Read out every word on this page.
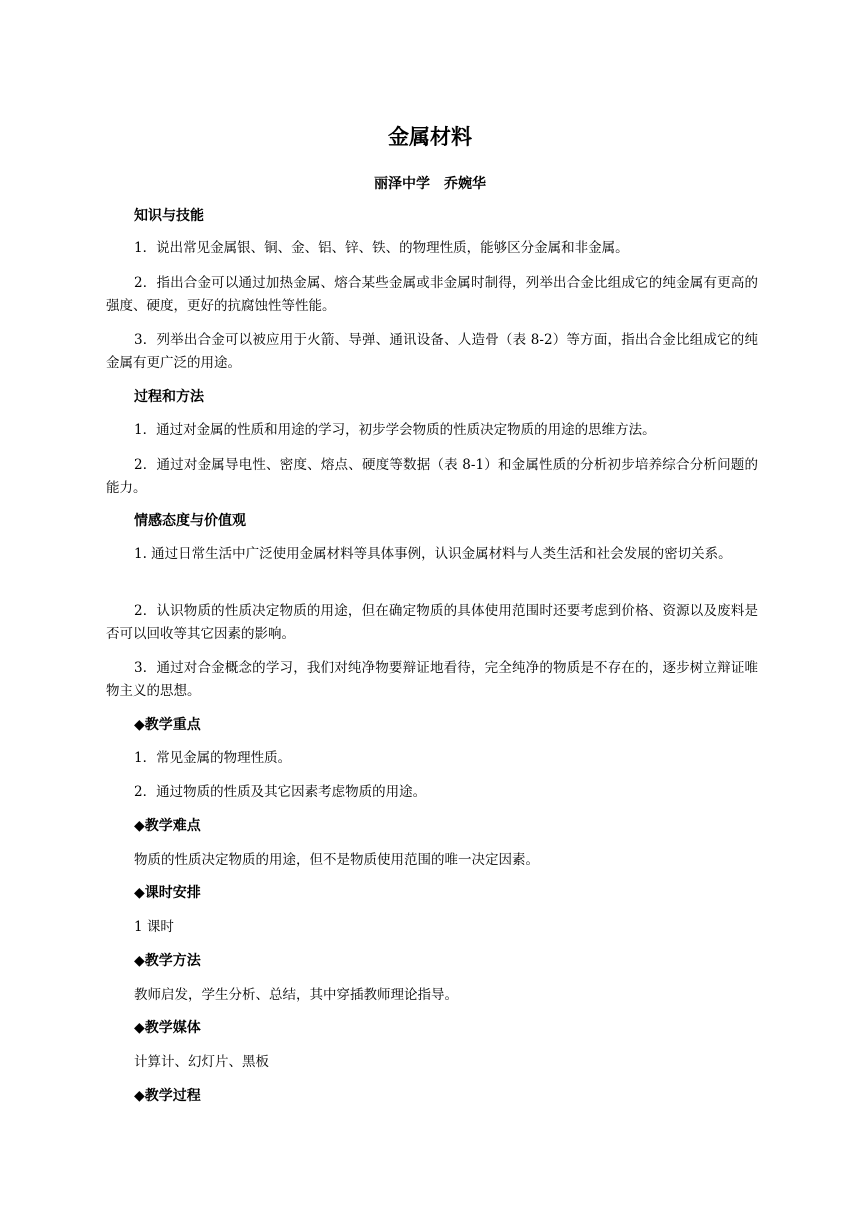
金属材料
丽泽中学　乔婉华
知识与技能
1．说出常见金属银、铜、金、铝、锌、铁、的物理性质，能够区分金属和非金属。
2．指出合金可以通过加热金属、熔合某些金属或非金属时制得，列举出合金比组成它的纯金属有更高的强度、硬度，更好的抗腐蚀性等性能。
3．列举出合金可以被应用于火箭、导弹、通讯设备、人造骨（表 8-2）等方面，指出合金比组成它的纯金属有更广泛的用途。
过程和方法
1．通过对金属的性质和用途的学习，初步学会物质的性质决定物质的用途的思维方法。
2．通过对金属导电性、密度、熔点、硬度等数据（表 8-1）和金属性质的分析初步培养综合分析问题的能力。
情感态度与价值观
1. 通过日常生活中广泛使用金属材料等具体事例，认识金属材料与人类生活和社会发展的密切关系。
2．认识物质的性质决定物质的用途，但在确定物质的具体使用范围时还要考虑到价格、资源以及废料是否可以回收等其它因素的影响。
3．通过对合金概念的学习，我们对纯净物要辩证地看待，完全纯净的物质是不存在的，逐步树立辩证唯物主义的思想。
◆教学重点
1．常见金属的物理性质。
2．通过物质的性质及其它因素考虑物质的用途。
◆教学难点
物质的性质决定物质的用途，但不是物质使用范围的唯一决定因素。
◆课时安排
1 课时
◆教学方法
教师启发，学生分析、总结，其中穿插教师理论指导。
◆教学媒体
计算计、幻灯片、黑板
◆教学过程
